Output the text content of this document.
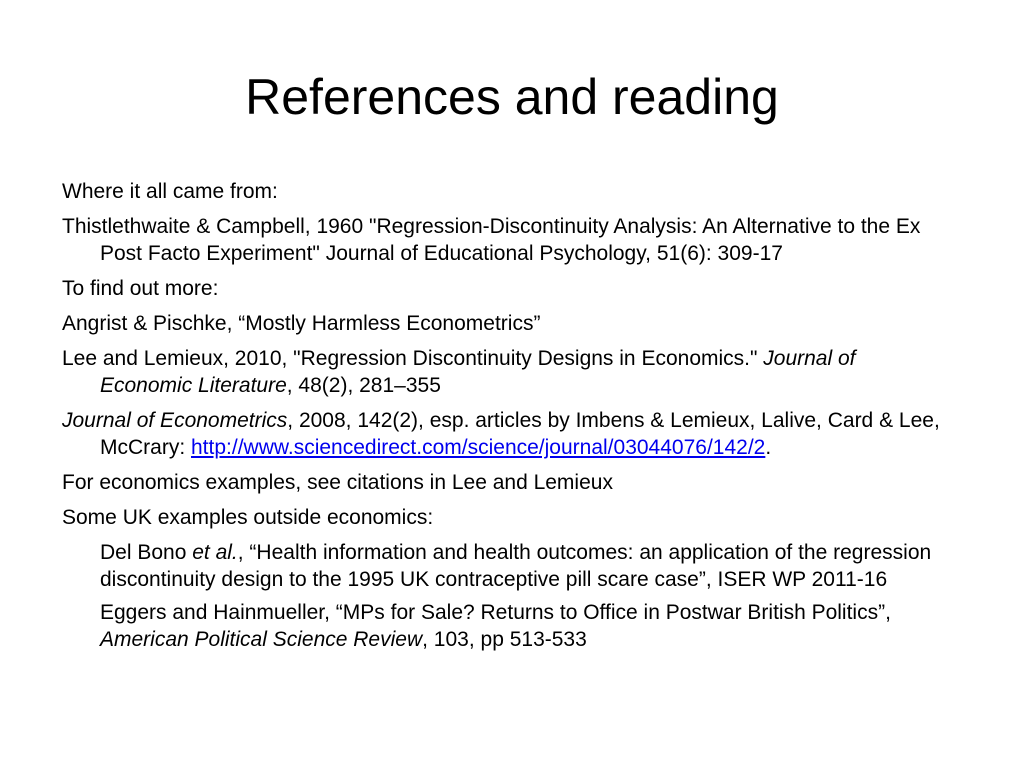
References and reading

Where it all came from:

Thistlethwaite & Campbell, 1960 "Regression-Discontinuity Analysis: An Alternative to the Ex Post Facto Experiment" Journal of Educational Psychology, 51(6): 309-17

To find out more:

Angrist & Pischke, “Mostly Harmless Econometrics”

Lee and Lemieux, 2010, "Regression Discontinuity Designs in Economics." Journal of Economic Literature, 48(2), 281–355

Journal of Econometrics, 2008, 142(2), esp. articles by Imbens & Lemieux, Lalive, Card & Lee, McCrary: http://www.sciencedirect.com/science/journal/03044076/142/2.

For economics examples, see citations in Lee and Lemieux

Some UK examples outside economics:

Del Bono et al., “Health information and health outcomes: an application of the regression discontinuity design to the 1995 UK contraceptive pill scare case”, ISER WP 2011-16

Eggers and Hainmueller, “MPs for Sale? Returns to Office in Postwar British Politics”, American Political Science Review, 103, pp 513-533
